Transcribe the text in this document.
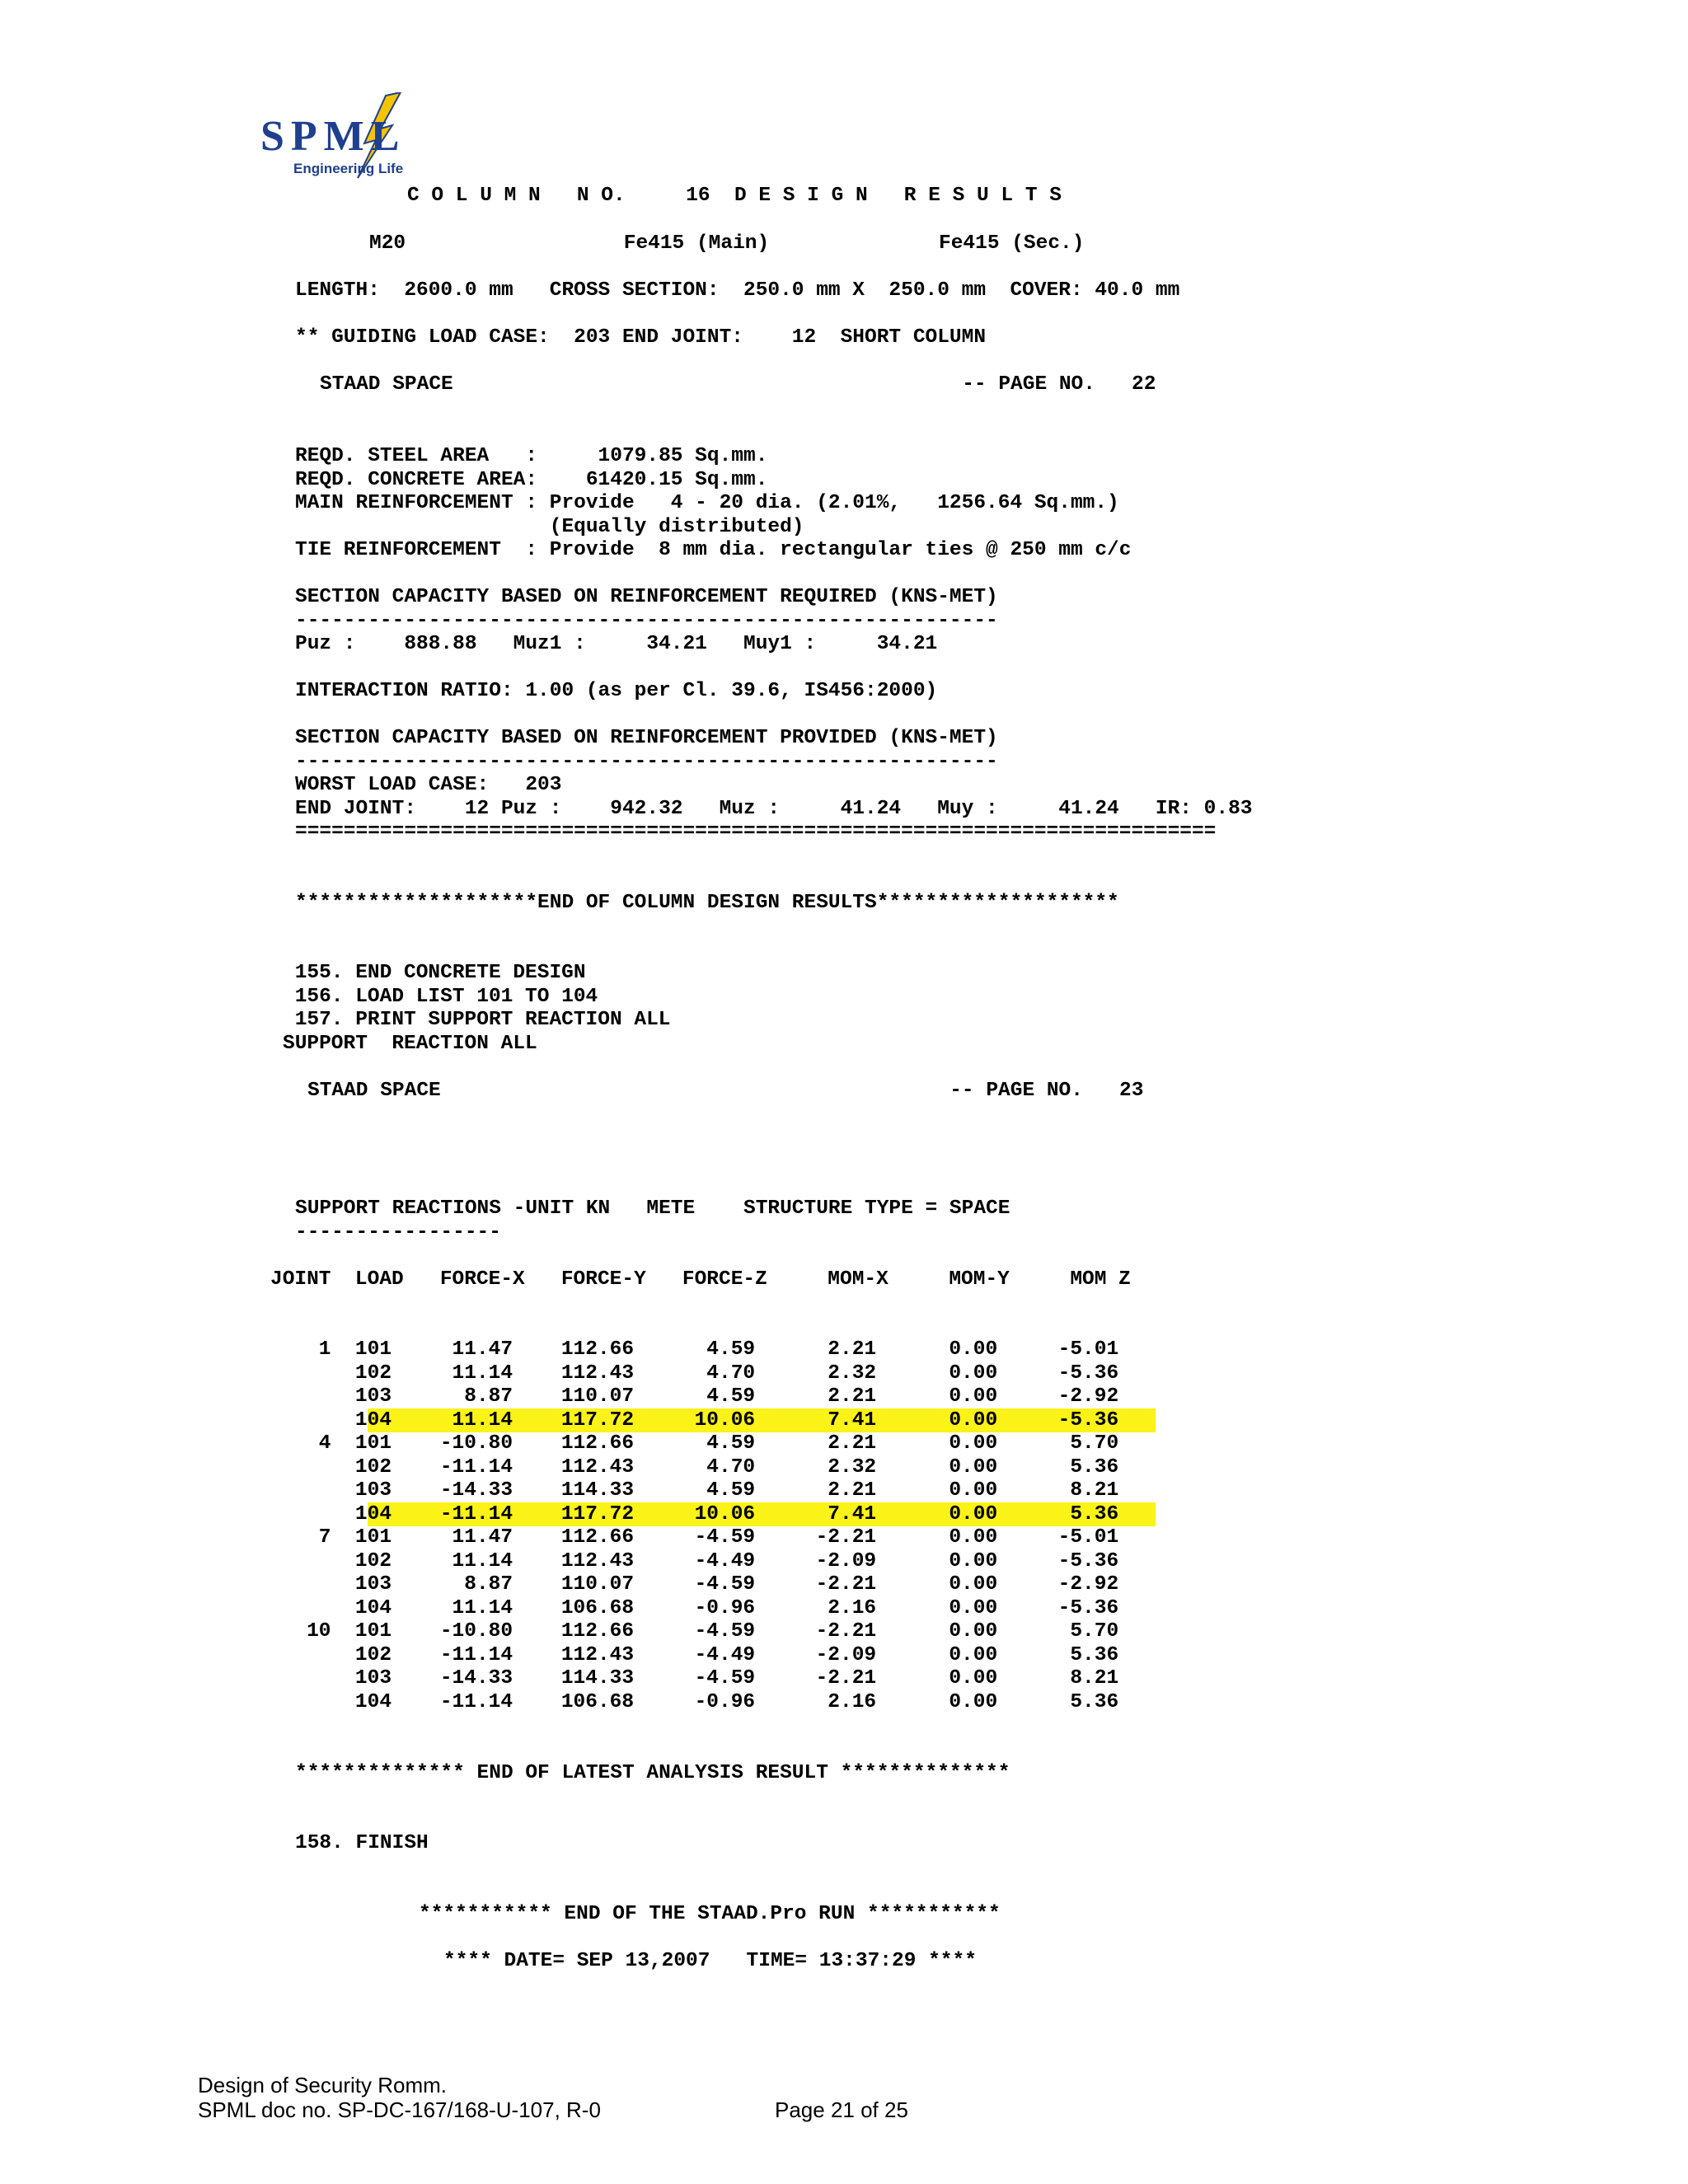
SPML
Engineering Life
C O L U M N   N O.     16  D E S I G N   R E S U L T S
M20                  Fe415 (Main)              Fe415 (Sec.)
LENGTH:  2600.0 mm   CROSS SECTION:  250.0 mm X  250.0 mm  COVER: 40.0 mm
** GUIDING LOAD CASE:  203 END JOINT:    12  SHORT COLUMN
STAAD SPACE                                          -- PAGE NO.   22
REQD. STEEL AREA   :     1079.85 Sq.mm.
REQD. CONCRETE AREA:    61420.15 Sq.mm.
MAIN REINFORCEMENT : Provide   4 - 20 dia. (2.01%,   1256.64 Sq.mm.)
(Equally distributed)
TIE REINFORCEMENT  : Provide  8 mm dia. rectangular ties @ 250 mm c/c
SECTION CAPACITY BASED ON REINFORCEMENT REQUIRED (KNS-MET)
----------------------------------------------------------
Puz :    888.88   Muz1 :     34.21   Muy1 :     34.21
INTERACTION RATIO: 1.00 (as per Cl. 39.6, IS456:2000)
SECTION CAPACITY BASED ON REINFORCEMENT PROVIDED (KNS-MET)
----------------------------------------------------------
WORST LOAD CASE:   203
END JOINT:    12 Puz :    942.32   Muz :     41.24   Muy :     41.24   IR: 0.83
============================================================================
********************END OF COLUMN DESIGN RESULTS********************
155. END CONCRETE DESIGN
156. LOAD LIST 101 TO 104
157. PRINT SUPPORT REACTION ALL
SUPPORT  REACTION ALL
STAAD SPACE                                          -- PAGE NO.   23
SUPPORT REACTIONS -UNIT KN   METE    STRUCTURE TYPE = SPACE
-----------------
JOINT  LOAD   FORCE-X   FORCE-Y   FORCE-Z     MOM-X     MOM-Y     MOM Z
1  101     11.47    112.66      4.59      2.21      0.00     -5.01
102     11.14    112.43      4.70      2.32      0.00     -5.36
103      8.87    110.07      4.59      2.21      0.00     -2.92
104     11.14    117.72     10.06      7.41      0.00     -5.36
4  101    -10.80    112.66      4.59      2.21      0.00      5.70
102    -11.14    112.43      4.70      2.32      0.00      5.36
103    -14.33    114.33      4.59      2.21      0.00      8.21
104    -11.14    117.72     10.06      7.41      0.00      5.36
7  101     11.47    112.66     -4.59     -2.21      0.00     -5.01
102     11.14    112.43     -4.49     -2.09      0.00     -5.36
103      8.87    110.07     -4.59     -2.21      0.00     -2.92
104     11.14    106.68     -0.96      2.16      0.00     -5.36
10  101    -10.80    112.66     -4.59     -2.21      0.00      5.70
102    -11.14    112.43     -4.49     -2.09      0.00      5.36
103    -14.33    114.33     -4.59     -2.21      0.00      8.21
104    -11.14    106.68     -0.96      2.16      0.00      5.36
************** END OF LATEST ANALYSIS RESULT **************
158. FINISH
*********** END OF THE STAAD.Pro RUN ***********
**** DATE= SEP 13,2007   TIME= 13:37:29 ****
Design of Security Romm.
SPML doc no. SP-DC-167/168-U-107, R-0	Page 21 of 25
